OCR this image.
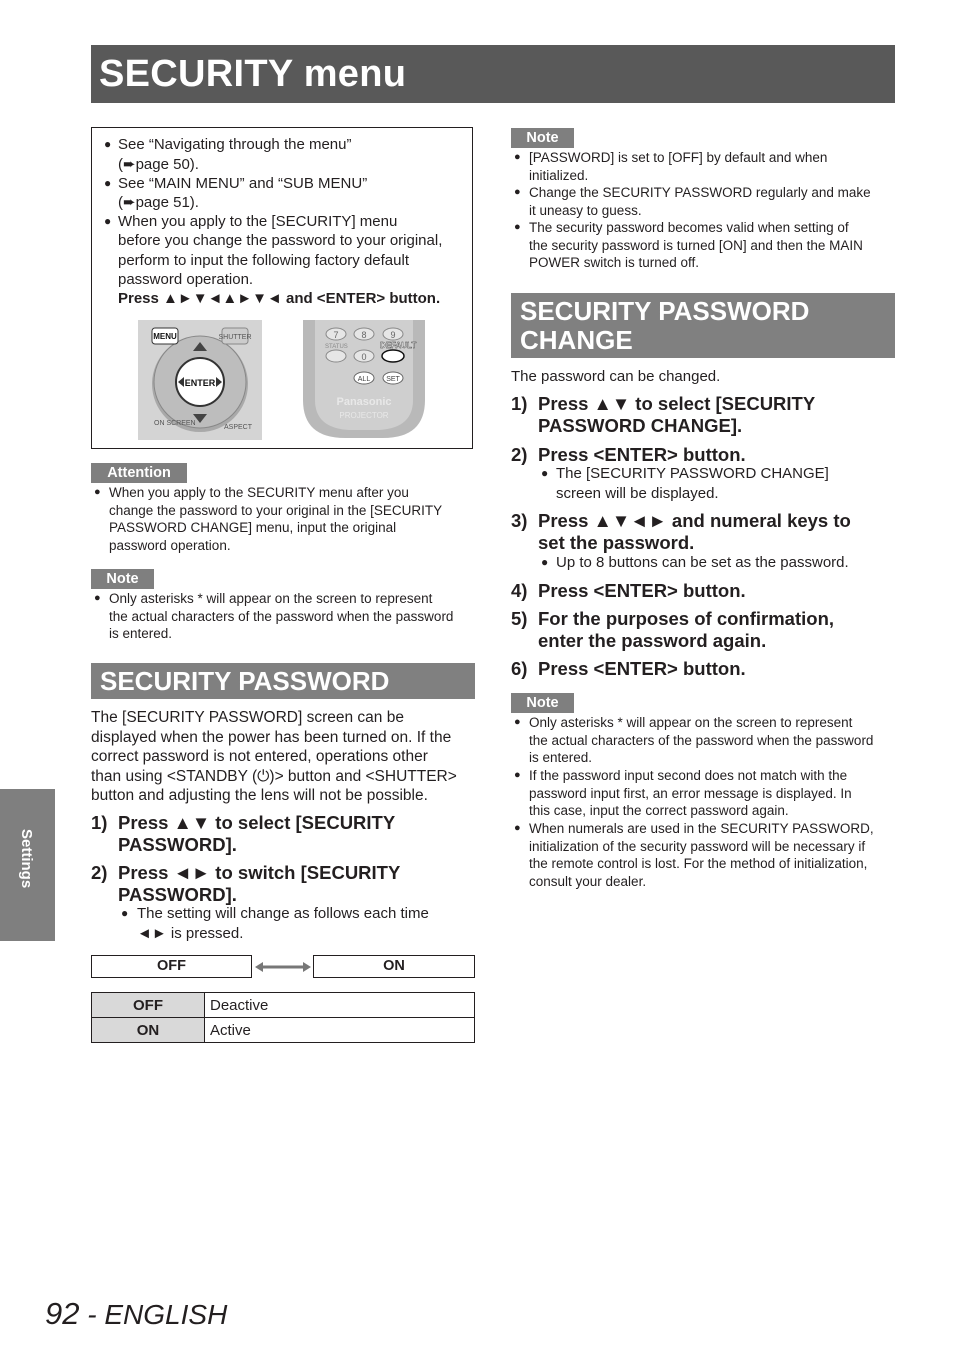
SECURITY menu
● See “Navigating through the menu”
(➨page 50).
● See “MAIN MENU” and “SUB MENU”
(➨page 51).
● When you apply to the [SECURITY] menu
before you change the password to your original,
perform to input the following factory default
password operation.
Press ▲►▼◄▲►▼◄ and <ENTER> button.
ENTER
MENU	SHUTTER
ON SCREEN
ASPECT
7	8	9
STATUS
0
DEFAULT
ALL SET
Panasonic
PROJECTOR
Attention
● When you apply to the SECURITY menu after you
change the password to your original in the [SECURITY
PASSWORD CHANGE] menu, input the original
password operation.
Note
● Only asterisks * will appear on the screen to represent
the actual characters of the password when the password
is entered.
SECURITY PASSWORD
The [SECURITY PASSWORD] screen can be
displayed when the power has been turned on. If the
correct password is not entered, operations other
than using <STANDBY (⏻)> button and <SHUTTER>
button and adjusting the lens will not be possible.
1) Press ▲▼ to select [SECURITY
PASSWORD].
2) Press ◄► to switch [SECURITY
PASSWORD].
● The setting will change as follows each time
◄► is pressed.
OFF	ON
OFF	Deactive
ON	Active
Note
● [PASSWORD] is set to [OFF] by default and when
initialized.
● Change the SECURITY PASSWORD regularly and make
it uneasy to guess.
● The security password becomes valid when setting of
the security password is turned [ON] and then the MAIN
POWER switch is turned off.
SECURITY PASSWORD
CHANGE
The password can be changed.
1) Press ▲▼ to select [SECURITY
PASSWORD CHANGE].
2) Press <ENTER> button.
● The [SECURITY PASSWORD CHANGE]
screen will be displayed.
3) Press ▲▼◄► and numeral keys to
set the password.
● Up to 8 buttons can be set as the password.
4) Press <ENTER> button.
5) For the purposes of confirmation,
enter the password again.
6) Press <ENTER> button.
Note
● Only asterisks * will appear on the screen to represent
the actual characters of the password when the password
is entered.
● If the password input second does not match with the
password input first, an error message is displayed. In
this case, input the correct password again.
● When numerals are used in the SECURITY PASSWORD,
initialization of the security password will be necessary if
the remote control is lost. For the method of initialization,
consult your dealer.
Settings
92 - ENGLISH
